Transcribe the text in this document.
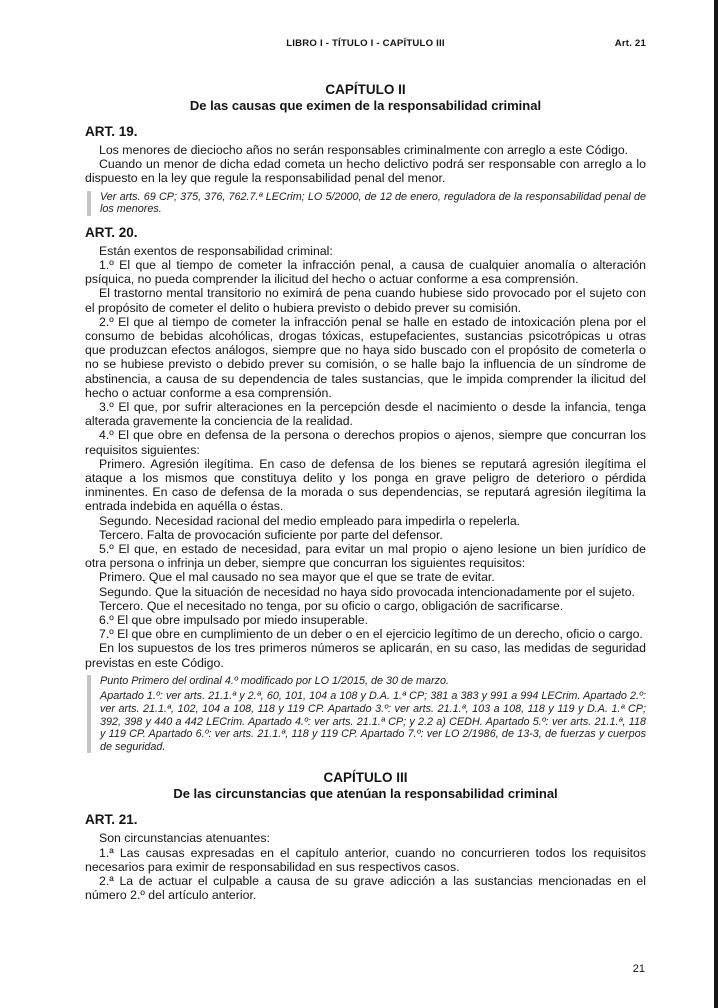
LIBRO I - TÍTULO I - CAPÍTULO III	Art. 21
CAPÍTULO II
De las causas que eximen de la responsabilidad criminal
ART. 19.

Los menores de dieciocho años no serán responsables criminalmente con arreglo a este Código.

Cuando un menor de dicha edad cometa un hecho delictivo podrá ser responsable con arreglo a lo dispuesto en la ley que regule la responsabilidad penal del menor.

Ver arts. 69 CP; 375, 376, 762.7.ª LECrim; LO 5/2000, de 12 de enero, reguladora de la responsabilidad penal de los menores.

ART. 20.

Están exentos de responsabilidad criminal:

1.º El que al tiempo de cometer la infracción penal, a causa de cualquier anomalía o alteración psíquica, no pueda comprender la ilicitud del hecho o actuar conforme a esa comprensión.

El trastorno mental transitorio no eximirá de pena cuando hubiese sido provocado por el sujeto con el propósito de cometer el delito o hubiera previsto o debido prever su comisión.

2.º El que al tiempo de cometer la infracción penal se halle en estado de intoxicación plena por el consumo de bebidas alcohólicas, drogas tóxicas, estupefacientes, sustancias psicotrópicas u otras que produzcan efectos análogos, siempre que no haya sido buscado con el propósito de cometerla o no se hubiese previsto o debido prever su comisión, o se halle bajo la influencia de un síndrome de abstinencia, a causa de su dependencia de tales sustancias, que le impida comprender la ilicitud del hecho o actuar conforme a esa comprensión.

3.º El que, por sufrir alteraciones en la percepción desde el nacimiento o desde la infancia, tenga alterada gravemente la conciencia de la realidad.

4.º El que obre en defensa de la persona o derechos propios o ajenos, siempre que concurran los requisitos siguientes:

Primero. Agresión ilegítima. En caso de defensa de los bienes se reputará agresión ilegítima el ataque a los mismos que constituya delito y los ponga en grave peligro de deterioro o pérdida inminentes. En caso de defensa de la morada o sus dependencias, se reputará agresión ilegítima la entrada indebida en aquélla o éstas.

Segundo. Necesidad racional del medio empleado para impedirla o repelerla.

Tercero. Falta de provocación suficiente por parte del defensor.

5.º El que, en estado de necesidad, para evitar un mal propio o ajeno lesione un bien jurídico de otra persona o infrinja un deber, siempre que concurran los siguientes requisitos:

Primero. Que el mal causado no sea mayor que el que se trate de evitar.

Segundo. Que la situación de necesidad no haya sido provocada intencionadamente por el sujeto.

Tercero. Que el necesitado no tenga, por su oficio o cargo, obligación de sacrificarse.

6.º El que obre impulsado por miedo insuperable.

7.º El que obre en cumplimiento de un deber o en el ejercicio legítimo de un derecho, oficio o cargo.

En los supuestos de los tres primeros números se aplicarán, en su caso, las medidas de seguridad previstas en este Código.

Punto Primero del ordinal 4.º modificado por LO 1/2015, de 30 de marzo.

Apartado 1.º: ver arts. 21.1.ª y 2.ª, 60, 101, 104 a 108 y D.A. 1.ª CP; 381 a 383 y 991 a 994 LECrim. Apartado 2.º: ver arts. 21.1.ª, 102, 104 a 108, 118 y 119 CP. Apartado 3.º: ver arts. 21.1.ª, 103 a 108, 118 y 119 y D.A. 1.ª CP; 392, 398 y 440 a 442 LECrim. Apartado 4.º: ver arts. 21.1.ª CP; y 2.2 a) CEDH. Apartado 5.º: ver arts. 21.1.ª, 118 y 119 CP. Apartado 6.º: ver arts. 21.1.ª, 118 y 119 CP. Apartado 7.º: ver LO 2/1986, de 13-3, de fuerzas y cuerpos de seguridad.

CAPÍTULO III
De las circunstancias que atenúan la responsabilidad criminal
ART. 21.

Son circunstancias atenuantes:

1.ª Las causas expresadas en el capítulo anterior, cuando no concurrieren todos los requisitos necesarios para eximir de responsabilidad en sus respectivos casos.

2.ª La de actuar el culpable a causa de su grave adicción a las sustancias mencionadas en el número 2.º del artículo anterior.

21
